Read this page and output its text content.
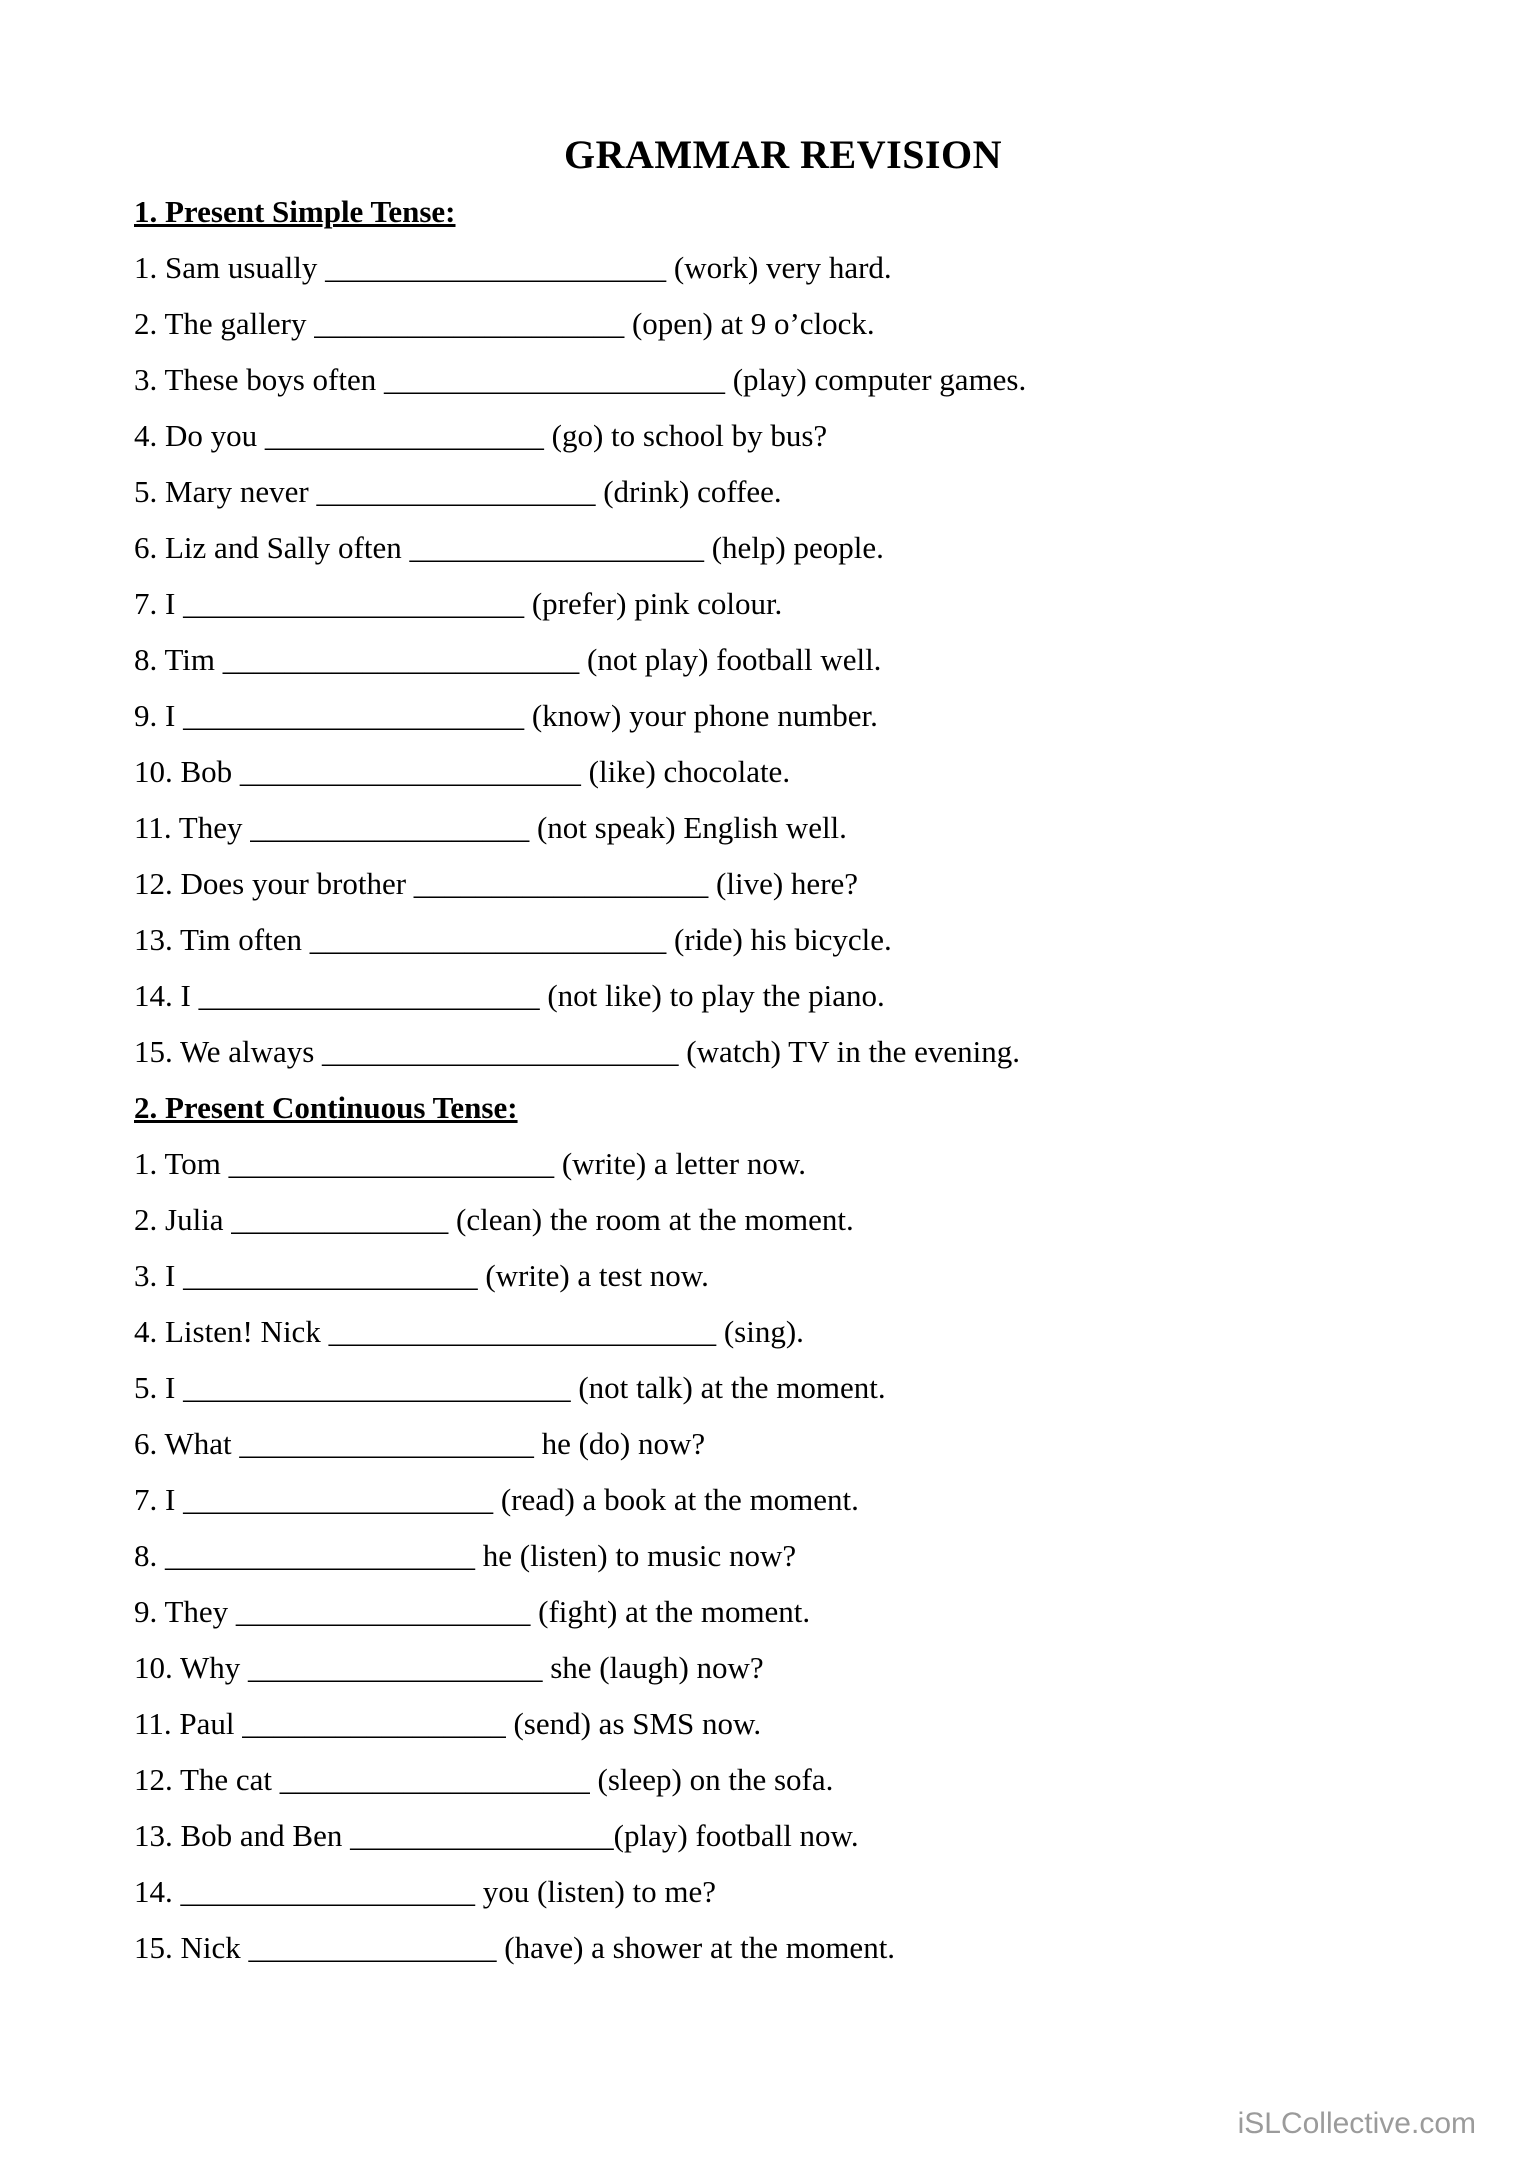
GRAMMAR REVISION
1. Present Simple Tense:

1. Sam usually ______________________ (work) very hard.

2. The gallery ____________________ (open) at 9 o’clock.

3. These boys often ______________________ (play) computer games.

4. Do you __________________ (go) to school by bus?

5. Mary never __________________ (drink) coffee.

6. Liz and Sally often ___________________ (help) people.

7. I ______________________ (prefer) pink colour.

8. Tim _______________________ (not play) football well.

9. I ______________________ (know) your phone number.

10. Bob ______________________ (like) chocolate.

11. They __________________ (not speak) English well.

12. Does your brother ___________________ (live) here?

13. Tim often _______________________ (ride) his bicycle.

14. I ______________________ (not like) to play the piano.

15. We always _______________________ (watch) TV in the evening.

2. Present Continuous Tense:

1. Tom _____________________ (write) a letter now.

2. Julia ______________ (clean) the room at the moment.

3. I ___________________ (write) a test now.

4. Listen! Nick _________________________ (sing).

5. I _________________________ (not talk) at the moment.

6. What ___________________ he (do) now?

7. I ____________________ (read) a book at the moment.

8. ____________________ he (listen) to music now?

9. They ___________________ (fight) at the moment.

10. Why ___________________ she (laugh) now?

11. Paul _________________ (send) as SMS now.

12. The cat ____________________ (sleep) on the sofa.

13. Bob and Ben _________________(play) football now.

14. ___________________ you (listen) to me?

15. Nick ________________ (have) a shower at the moment.

iSLCollective.com
